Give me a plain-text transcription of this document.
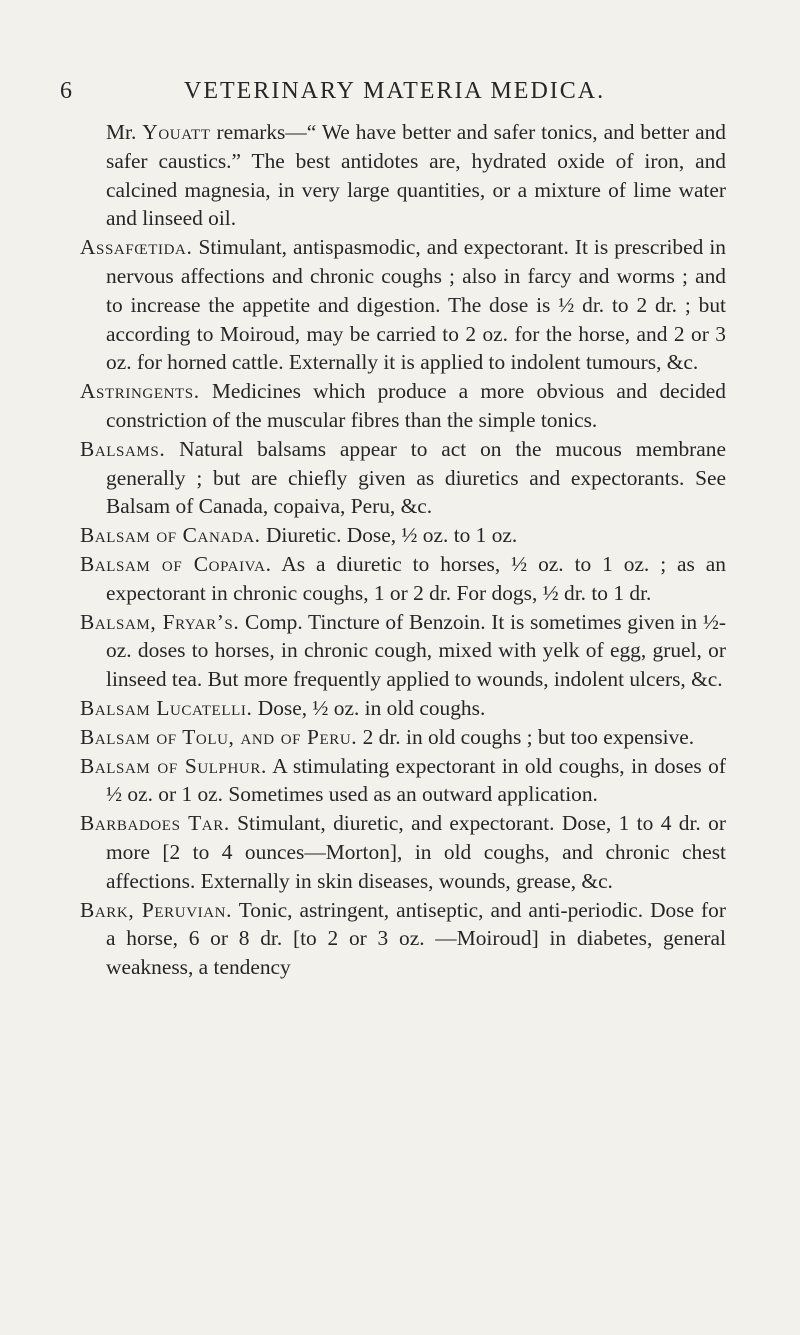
6	VETERINARY MATERIA MEDICA.

Mr. Youatt remarks—“ We have better and safer tonics, and better and safer caustics.” The best antidotes are, hydrated oxide of iron, and calcined magnesia, in very large quantities, or a mixture of lime water and linseed oil.

Assafœtida. Stimulant, antispasmodic, and expectorant. It is prescribed in nervous affections and chronic coughs ; also in farcy and worms ; and to increase the appetite and digestion. The dose is ½ dr. to 2 dr. ; but according to Moiroud, may be carried to 2 oz. for the horse, and 2 or 3 oz. for horned cattle. Externally it is applied to indolent tumours, &c.

Astringents. Medicines which produce a more obvious and decided constriction of the muscular fibres than the simple tonics.

Balsams. Natural balsams appear to act on the mucous membrane generally ; but are chiefly given as diuretics and expectorants. See Balsam of Canada, copaiva, Peru, &c.

Balsam of Canada. Diuretic. Dose, ½ oz. to 1 oz.

Balsam of Copaiva. As a diuretic to horses, ½ oz. to 1 oz. ; as an expectorant in chronic coughs, 1 or 2 dr. For dogs, ½ dr. to 1 dr.

Balsam, Fryar’s. Comp. Tincture of Benzoin. It is sometimes given in ½-oz. doses to horses, in chronic cough, mixed with yelk of egg, gruel, or linseed tea. But more frequently applied to wounds, indolent ulcers, &c.

Balsam Lucatelli. Dose, ½ oz. in old coughs.

Balsam of Tolu, and of Peru. 2 dr. in old coughs ; but too expensive.

Balsam of Sulphur. A stimulating expectorant in old coughs, in doses of ½ oz. or 1 oz. Sometimes used as an outward application.

Barbadoes Tar. Stimulant, diuretic, and expectorant. Dose, 1 to 4 dr. or more [2 to 4 ounces—Morton], in old coughs, and chronic chest affections. Externally in skin diseases, wounds, grease, &c.

Bark, Peruvian. Tonic, astringent, antiseptic, and anti-periodic. Dose for a horse, 6 or 8 dr. [to 2 or 3 oz. —Moiroud] in diabetes, general weakness, a tendency
